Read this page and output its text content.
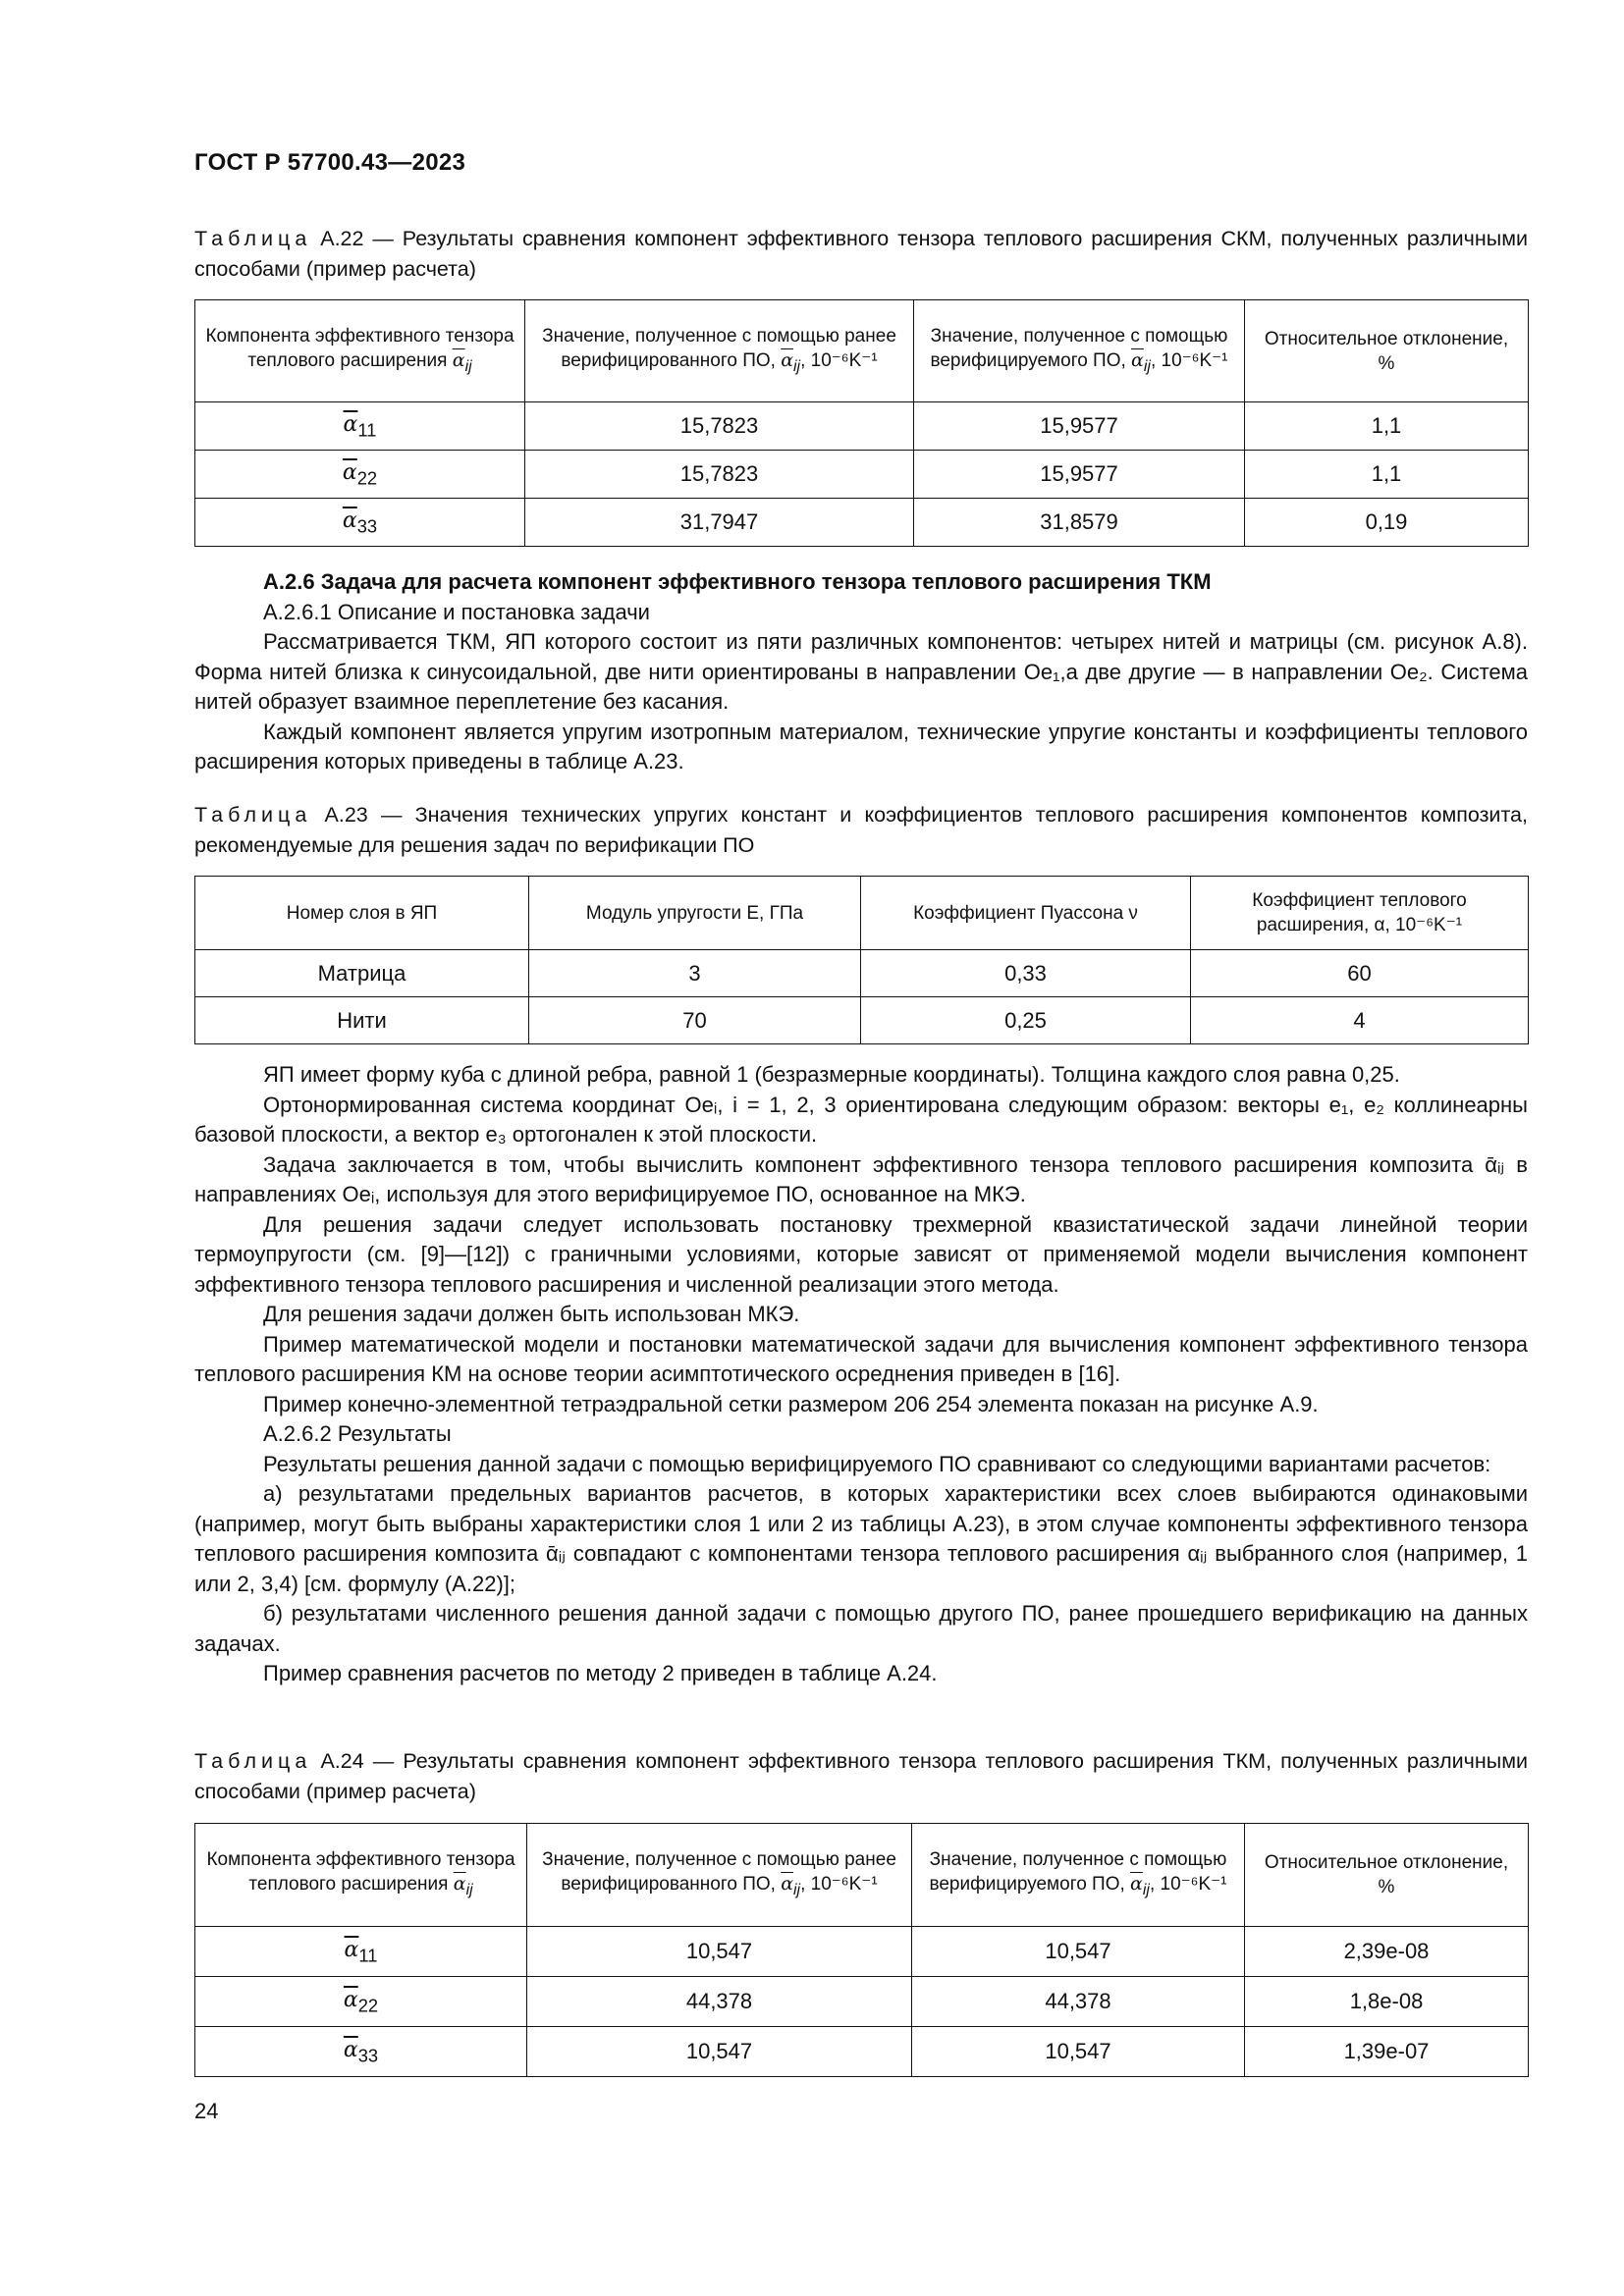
ГОСТ Р 57700.43—2023
Таблица А.22 — Результаты сравнения компонент эффективного тензора теплового расширения СКМ, полученных различными способами (пример расчета)
Компонента эффективного тензора теплового расширения $\overline{\alpha}_{ij}$	Значение, полученное с помощью ранее верифицированного ПО, $\overline{\alpha}_{ij}$, 10⁻⁶K⁻¹	Значение, полученное с помощью верифицируемого ПО, $\overline{\alpha}_{ij}$, 10⁻⁶K⁻¹	Относительное отклонение, %
$\overline{\alpha}_{11}$	15,7823	15,9577	1,1
$\overline{\alpha}_{22}$	15,7823	15,9577	1,1
$\overline{\alpha}_{33}$	31,7947	31,8579	0,19

А.2.6 Задача для расчета компонент эффективного тензора теплового расширения ТКМ

А.2.6.1 Описание и постановка задачи

Рассматривается ТКМ, ЯП которого состоит из пяти различных компонентов: четырех нитей и матрицы (см. рисунок А.8). Форма нитей близка к синусоидальной, две нити ориентированы в направлении Oe₁,а две другие — в направлении Oe₂. Система нитей образует взаимное переплетение без касания.

Каждый компонент является упругим изотропным материалом, технические упругие константы и коэффициенты теплового расширения которых приведены в таблице А.23.

Таблица А.23 — Значения технических упругих констант и коэффициентов теплового расширения компонентов композита, рекомендуемые для решения задач по верификации ПО
Номер слоя в ЯП	Модуль упругости E, ГПа	Коэффициент Пуассона ν	Коэффициент теплового расширения, α, 10⁻⁶K⁻¹
Матрица	3	0,33	60
Нити	70	0,25	4

ЯП имеет форму куба с длиной ребра, равной 1 (безразмерные координаты). Толщина каждого слоя равна 0,25.

Ортонормированная система координат Oeᵢ, i = 1, 2, 3 ориентирована следующим образом: векторы e₁, e₂ коллинеарны базовой плоскости, а вектор e₃ ортогонален к этой плоскости.

Задача заключается в том, чтобы вычислить компонент эффективного тензора теплового расширения композита ᾱᵢⱼ в направлениях Oeᵢ, используя для этого верифицируемое ПО, основанное на МКЭ.

Для решения задачи следует использовать постановку трехмерной квазистатической задачи линейной теории термоупругости (см. [9]—[12]) с граничными условиями, которые зависят от применяемой модели вычисления компонент эффективного тензора теплового расширения и численной реализации этого метода.

Для решения задачи должен быть использован МКЭ.

Пример математической модели и постановки математической задачи для вычисления компонент эффективного тензора теплового расширения КМ на основе теории асимптотического осреднения приведен в [16].

Пример конечно-элементной тетраэдральной сетки размером 206 254 элемента показан на рисунке А.9.

А.2.6.2 Результаты

Результаты решения данной задачи с помощью верифицируемого ПО сравнивают со следующими вариантами расчетов:

а) результатами предельных вариантов расчетов, в которых характеристики всех слоев выбираются одинаковыми (например, могут быть выбраны характеристики слоя 1 или 2 из таблицы А.23), в этом случае компоненты эффективного тензора теплового расширения композита ᾱᵢⱼ совпадают с компонентами тензора теплового расширения αᵢⱼ выбранного слоя (например, 1 или 2, 3,4) [см. формулу (А.22)];

б) результатами численного решения данной задачи с помощью другого ПО, ранее прошедшего верификацию на данных задачах.

Пример сравнения расчетов по методу 2 приведен в таблице А.24.

Таблица А.24 — Результаты сравнения компонент эффективного тензора теплового расширения ТКМ, полученных различными способами (пример расчета)
Компонента эффективного тензора теплового расширения $\overline{\alpha}_{ij}$	Значение, полученное с помощью ранее верифицированного ПО, $\overline{\alpha}_{ij}$, 10⁻⁶K⁻¹	Значение, полученное с помощью верифицируемого ПО, $\overline{\alpha}_{ij}$, 10⁻⁶K⁻¹	Относительное отклонение, %
$\overline{\alpha}_{11}$	10,547	10,547	2,39e-08
$\overline{\alpha}_{22}$	44,378	44,378	1,8e-08
$\overline{\alpha}_{33}$	10,547	10,547	1,39e-07
24
